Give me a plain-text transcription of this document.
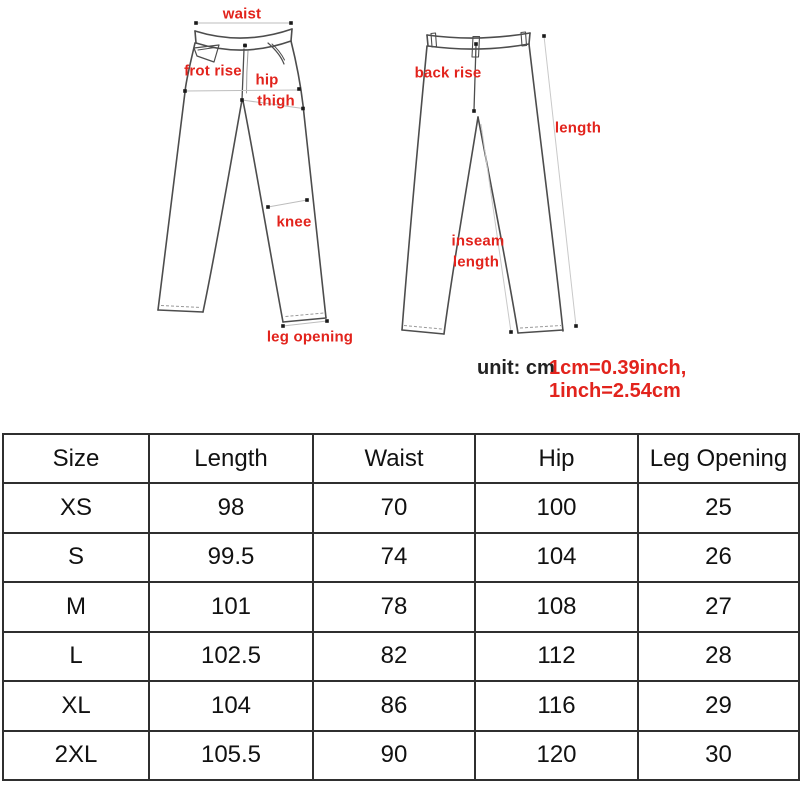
waist
frot rise
hip
thigh
knee
leg opening
back rise
length
inseam
length
unit: cm
1cm=0.39inch, 1inch=2.54cm
Size	Length	Waist	Hip	Leg Opening
XS	98	70	100	25
S	99.5	74	104	26
M	101	78	108	27
L	102.5	82	112	28
XL	104	86	116	29
2XL	105.5	90	120	30
